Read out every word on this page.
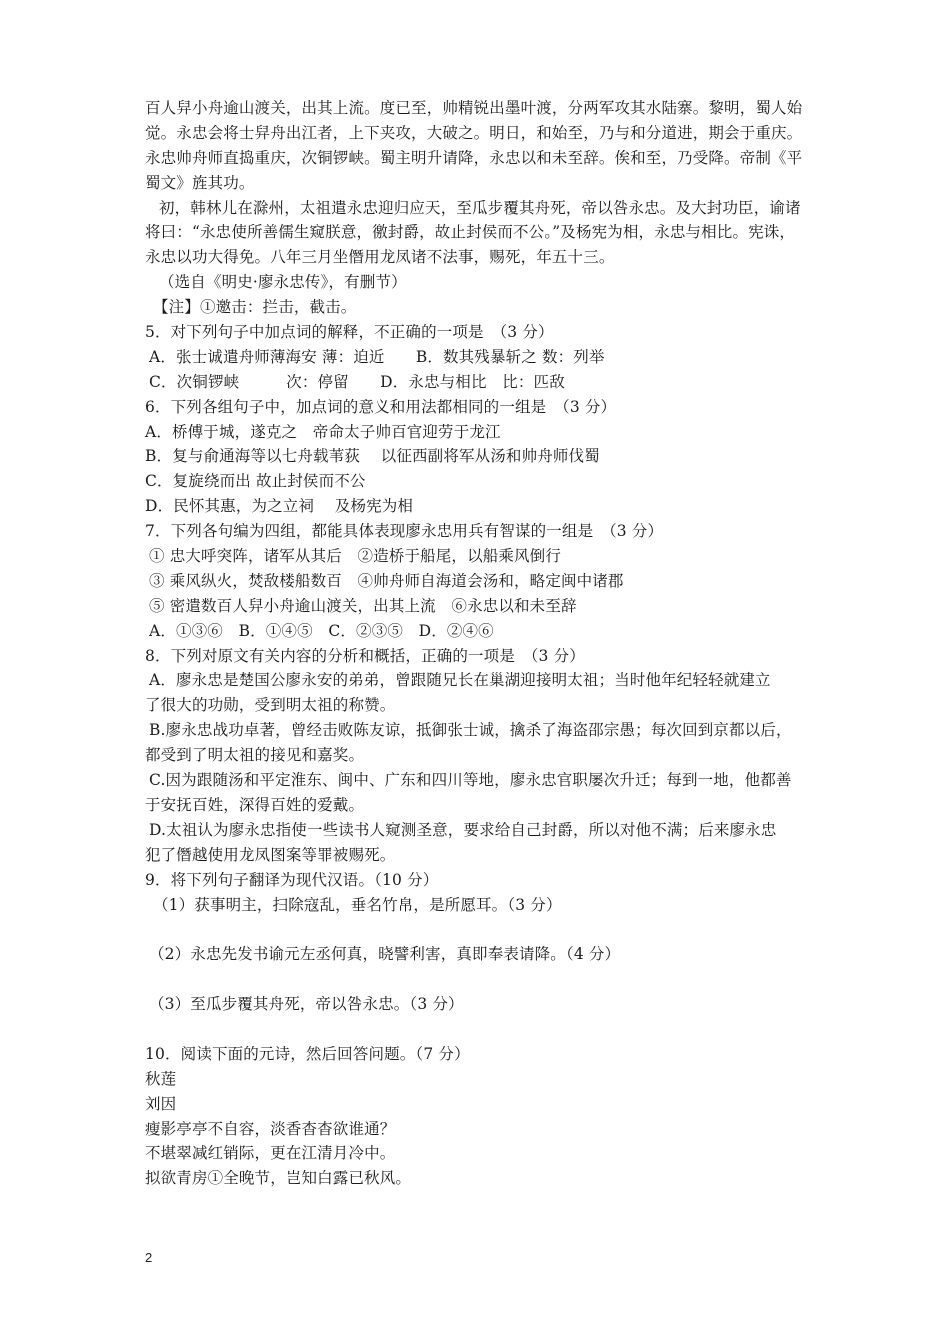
百人舁小舟逾山渡关，出其上流。度已至，帅精锐出墨叶渡，分两军攻其水陆寨。黎明，蜀人始
觉。永忠会将士舁舟出江者，上下夹攻，大破之。明日，和始至，乃与和分道进，期会于重庆。
永忠帅舟师直捣重庆，次铜锣峡。蜀主明升请降，永忠以和未至辞。俟和至，乃受降。帝制《平
蜀文》旌其功。
初，韩林儿在滁州，太祖遣永忠迎归应天，至瓜步覆其舟死，帝以咎永忠。及大封功臣，谕诸
将曰：“永忠使所善儒生窥朕意，徼封爵，故止封侯而不公。”及杨宪为相，永忠与相比。宪诛，
永忠以功大得免。八年三月坐僭用龙凤诸不法事，赐死，年五十三。
（选自《明史·廖永忠传》，有删节）
【注】①邀击：拦击，截击。
5．对下列句子中加点词的解释，不正确的一项是　（3 分）
A．张士诚遣舟师薄海安 薄：迫近　　B．数其残暴斩之 数：列举
C．次铜锣峡　　　次：停留　　D．永忠与相比　比：匹敌
6．下列各组句子中，加点词的意义和用法都相同的一组是　（3 分）
A．桥傅于城，遂克之　帝命太子帅百官迎劳于龙江
B．复与俞通海等以七舟载苇荻　 以征西副将军从汤和帅舟师伐蜀
C．复旋绕而出 故止封侯而不公
D．民怀其惠，为之立祠　 及杨宪为相
7．下列各句编为四组，都能具体表现廖永忠用兵有智谋的一组是　（3 分）
① 忠大呼突阵，诸军从其后　②造桥于船尾，以船乘风倒行
③ 乘风纵火，焚敌楼船数百　④帅舟师自海道会汤和，略定闽中诸郡
⑤ 密遣数百人舁小舟逾山渡关，出其上流　⑥永忠以和未至辞
A．①③⑥　B．①④⑤　C．②③⑤　D．②④⑥
8．下列对原文有关内容的分析和概括，正确的一项是　（3 分）
A．廖永忠是楚国公廖永安的弟弟，曾跟随兄长在巢湖迎接明太祖；当时他年纪轻轻就建立
了很大的功勋，受到明太祖的称赞。
B.廖永忠战功卓著，曾经击败陈友谅，抵御张士诚，擒杀了海盗邵宗愚；每次回到京都以后，
都受到了明太祖的接见和嘉奖。
C.因为跟随汤和平定淮东、闽中、广东和四川等地，廖永忠官职屡次升迁；每到一地，他都善
于安抚百姓，深得百姓的爱戴。
D.太祖认为廖永忠指使一些读书人窥测圣意，要求给自己封爵，所以对他不满；后来廖永忠
犯了僭越使用龙凤图案等罪被赐死。
9．将下列句子翻译为现代汉语。（10 分）
（1）获事明主，扫除寇乱，垂名竹帛，是所愿耳。（3 分）
（2）永忠先发书谕元左丞何真，晓譬利害，真即奉表请降。（4 分）
（3）至瓜步覆其舟死，帝以咎永忠。（3 分）
10．阅读下面的元诗，然后回答问题。（7 分）
秋莲
刘因
瘦影亭亭不自容，淡香杳杳欲谁通？
不堪翠减红销际，更在江清月冷中。
拟欲青房①全晚节，岂知白露已秋风。
2
